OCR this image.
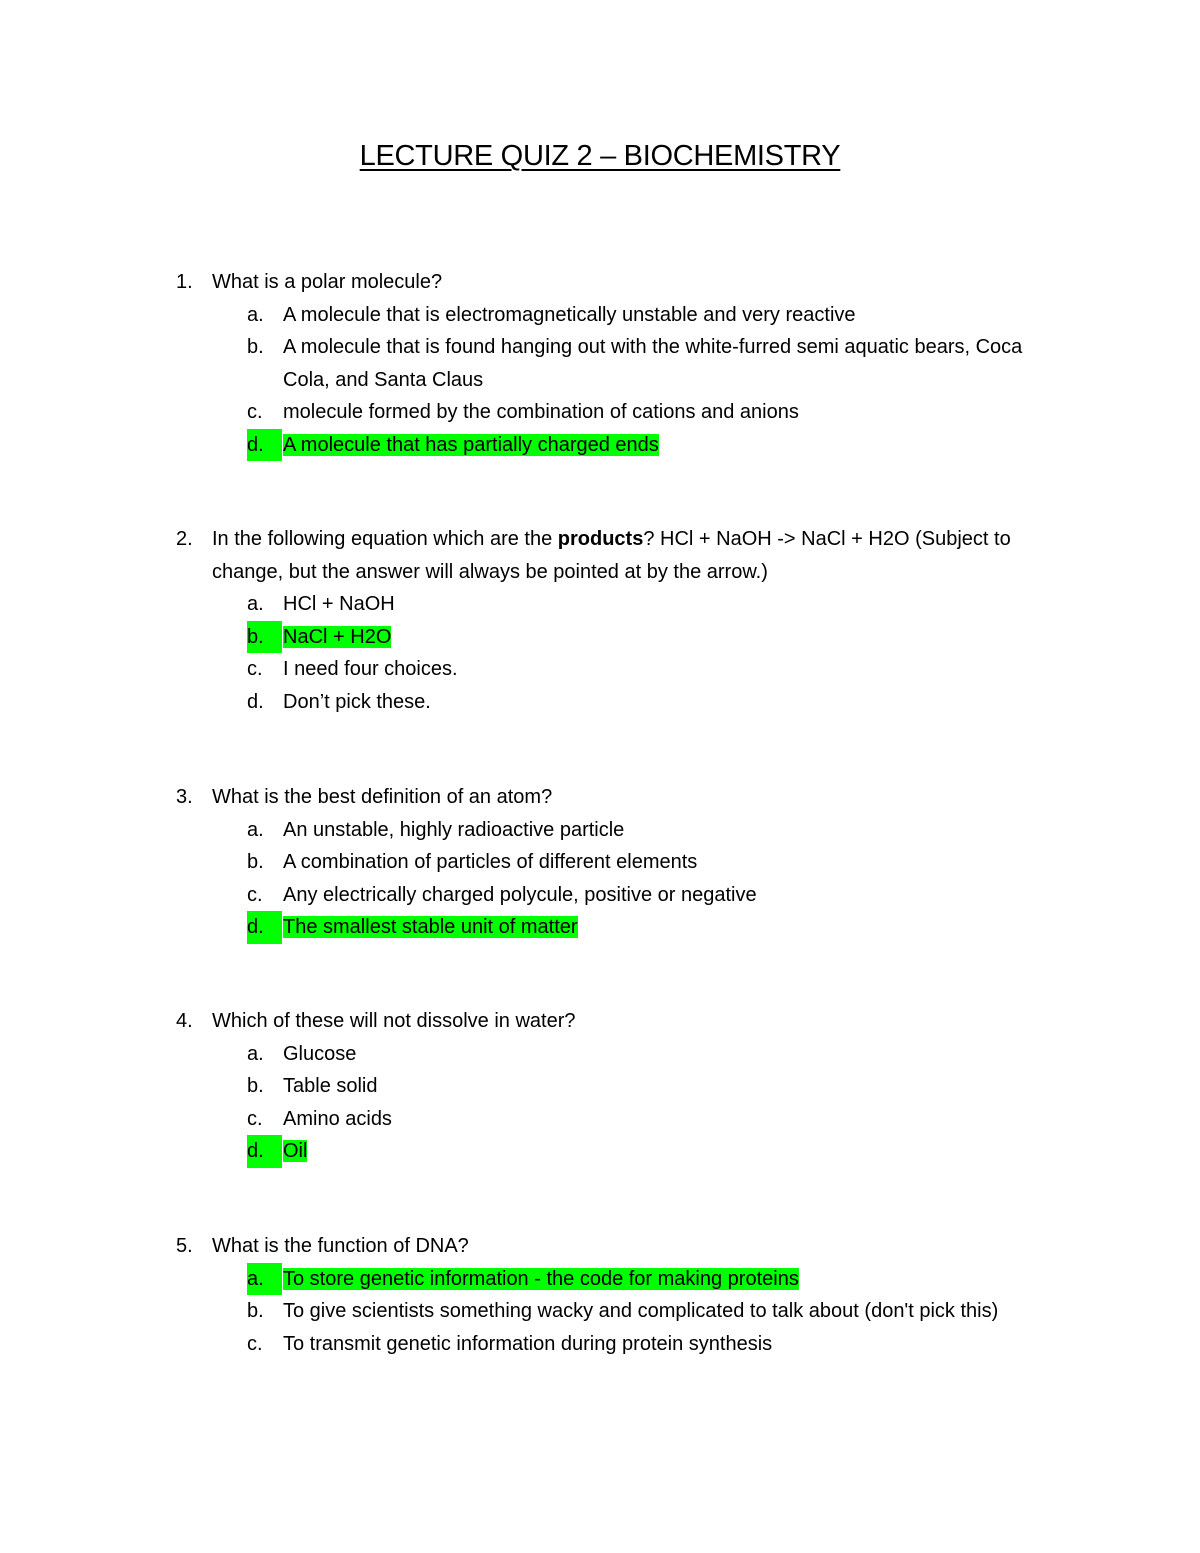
LECTURE QUIZ 2 – BIOCHEMISTRY
1. What is a polar molecule?
a. A molecule that is electromagnetically unstable and very reactive
b. A molecule that is found hanging out with the white-furred semi aquatic bears, Coca Cola, and Santa Claus
c. molecule formed by the combination of cations and anions
d. A molecule that has partially charged ends
2. In the following equation which are the products? HCl + NaOH -> NaCl + H2O (Subject to change, but the answer will always be pointed at by the arrow.)
a. HCl + NaOH
b. NaCl + H2O
c. I need four choices.
d. Don’t pick these.
3. What is the best definition of an atom?
a. An unstable, highly radioactive particle
b. A combination of particles of different elements
c. Any electrically charged polycule, positive or negative
d. The smallest stable unit of matter
4. Which of these will not dissolve in water?
a. Glucose
b. Table solid
c. Amino acids
d. Oil
5. What is the function of DNA?
a. To store genetic information - the code for making proteins
b. To give scientists something wacky and complicated to talk about (don't pick this)
c. To transmit genetic information during protein synthesis
